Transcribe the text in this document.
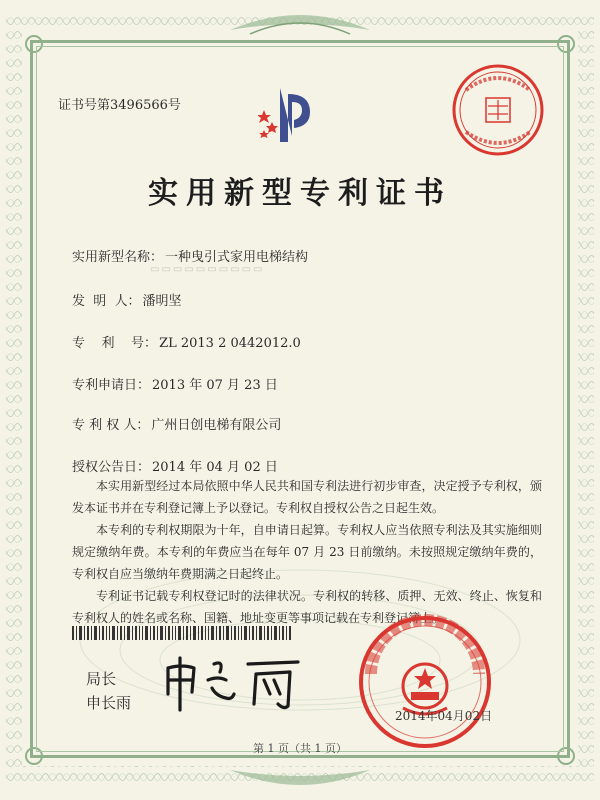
证书号第3496566号
实用新型专利证书
实用新型名称： 一种曳引式家用电梯结构
▭▭▭▭▭▭▭▭▭▭
发  明  人： 潘明坚
专    利    号： ZL 2013 2 0442012.0
专利申请日： 2013 年 07 月 23 日
专 利 权 人： 广州日创电梯有限公司
授权公告日： 2014 年 04 月 02 日

本实用新型经过本局依照中华人民共和国专利法进行初步审查，决定授予专利权，颁发本证书并在专利登记簿上予以登记。专利权自授权公告之日起生效。

本专利的专利权期限为十年，自申请日起算。专利权人应当依照专利法及其实施细则规定缴纳年费。本专利的年费应当在每年 07 月 23 日前缴纳。未按照规定缴纳年费的，专利权自应当缴纳年费期满之日起终止。

专利证书记载专利权登记时的法律状况。专利权的转移、质押、无效、终止、恢复和专利权人的姓名或名称、国籍、地址变更等事项记载在专利登记簿上。

局长
申长雨
2014年04月02日
第 1 页（共 1 页）
